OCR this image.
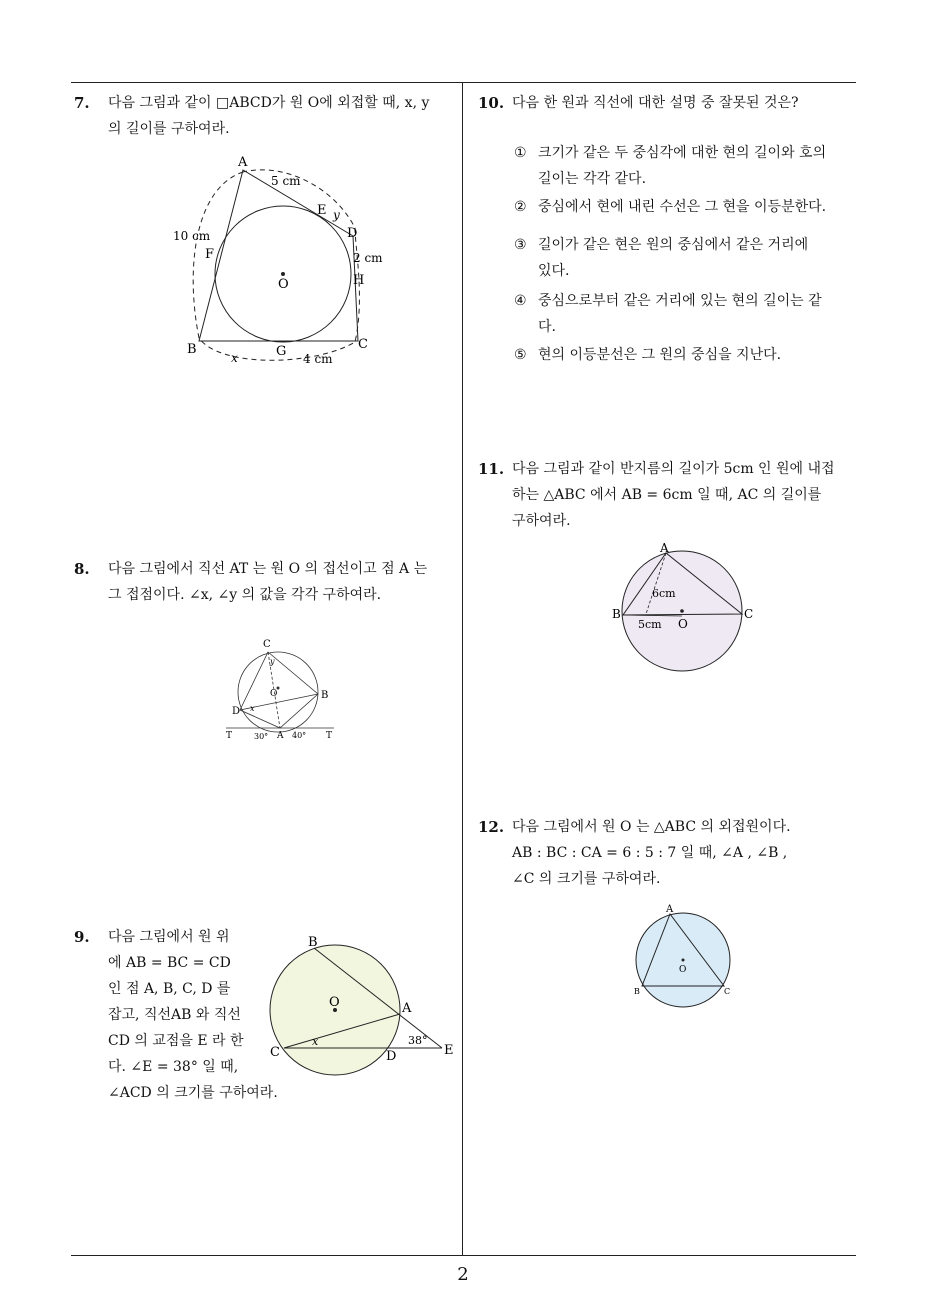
2
7. 다음 그림과 같이 □ABCD가 원 O에 외접할 때, x, y
의 길이를 구하여라.
A
B	C
D
E
F
G
H
O
5 cm
10 cm
2 cm
4 cm
x
y
8. 다음 그림에서 직선 AT 는 원 O 의 접선이고 점 A 는
그 접점이다. ∠x, ∠y 의 값을 각각 구하여라.
C
B
D
A
O
T	T
30°	40°
x
y
9. 다음 그림에서 원 위
에 AB = BC = CD
인 점 A, B, C, D 를
잡고, 직선AB 와 직선
CD 의 교점을 E 라 한
다. ∠E = 38° 일 때,
∠ACD 의 크기를 구하여라.
B
A
C	D	E
O
x	38°
10. 다음 한 원과 직선에 대한 설명 중 잘못된 것은?
① 크기가 같은 두 중심각에 대한 현의 길이와 호의
길이는 각각 같다.
② 중심에서 현에 내린 수선은 그 현을 이등분한다.
③ 길이가 같은 현은 원의 중심에서 같은 거리에
있다.
④ 중심으로부터 같은 거리에 있는 현의 길이는 같
다.
⑤ 현의 이등분선은 그 원의 중심을 지난다.
11. 다음 그림과 같이 반지름의 길이가 5cm 인 원에 내접
하는 △ABC 에서 AB = 6cm 일 때, AC 의 길이를
구하여라.
A
B	C
O
6cm
5cm
12. 다음 그림에서 원 O 는 △ABC 의 외접원이다.
AB : BC : CA = 6 : 5 : 7 일 때, ∠A , ∠B ,
∠C 의 크기를 구하여라.
A
B	C
O
